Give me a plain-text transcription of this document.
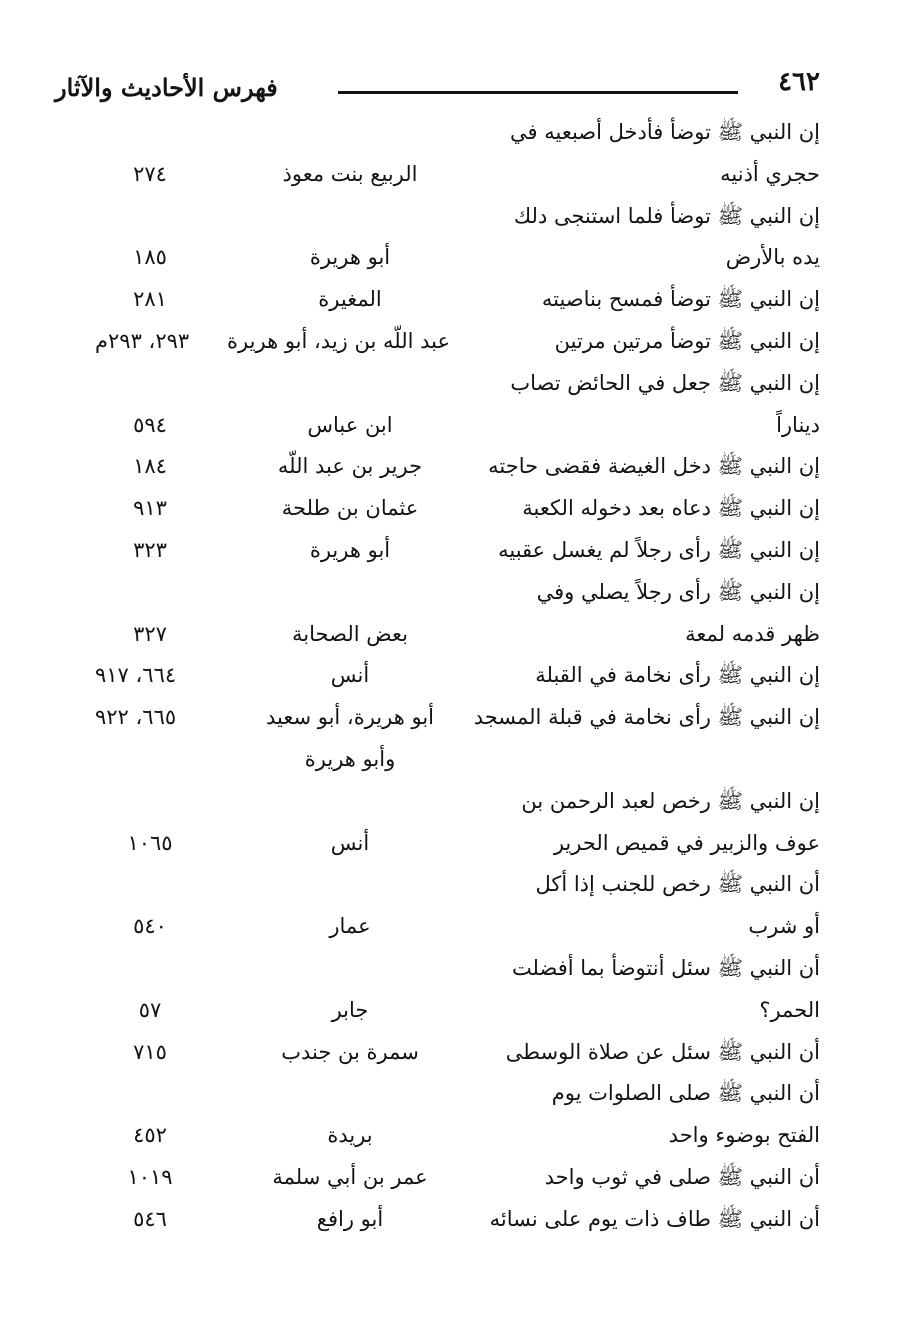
٤٦٢
فهرس الأحاديث والآثار
إن النبي ﷺ توضأ فأدخل أصبعيه في
حجري أذنيه
الربيع بنت معوذ
٢٧٤
إن النبي ﷺ توضأ فلما استنجى دلك
يده بالأرض
أبو هريرة
١٨٥
إن النبي ﷺ توضأ فمسح بناصيته
المغيرة
٢٨١
إن النبي ﷺ توضأ مرتين مرتين
عبد اللّه بن زيد، أبو هريرة
٢٩٣، ٢٩٣م
إن النبي ﷺ جعل في الحائض تصاب
ديناراً
ابن عباس
٥٩٤
إن النبي ﷺ دخل الغيضة فقضى حاجته
جرير بن عبد اللّه
١٨٤
إن النبي ﷺ دعاه بعد دخوله الكعبة
عثمان بن طلحة
٩١٣
إن النبي ﷺ رأى رجلاً لم يغسل عقبيه
أبو هريرة
٣٢٣
إن النبي ﷺ رأى رجلاً يصلي وفي
ظهر قدمه لمعة
بعض الصحابة
٣٢٧
إن النبي ﷺ رأى نخامة في القبلة
أنس
٦٦٤، ٩١٧
إن النبي ﷺ رأى نخامة في قبلة المسجد
أبو هريرة، أبو سعيد
٦٦٥، ٩٢٢
وأبو هريرة
إن النبي ﷺ رخص لعبد الرحمن بن
عوف والزبير في قميص الحرير
أنس
١٠٦٥
أن النبي ﷺ رخص للجنب إذا أكل
أو شرب
عمار
٥٤٠
أن النبي ﷺ سئل أنتوضأ بما أفضلت
الحمر؟
جابر
٥٧
أن النبي ﷺ سئل عن صلاة الوسطى
سمرة بن جندب
٧١٥
أن النبي ﷺ صلى الصلوات يوم
الفتح بوضوء واحد
بريدة
٤٥٢
أن النبي ﷺ صلى في ثوب واحد
عمر بن أبي سلمة
١٠١٩
أن النبي ﷺ طاف ذات يوم على نسائه
أبو رافع
٥٤٦
